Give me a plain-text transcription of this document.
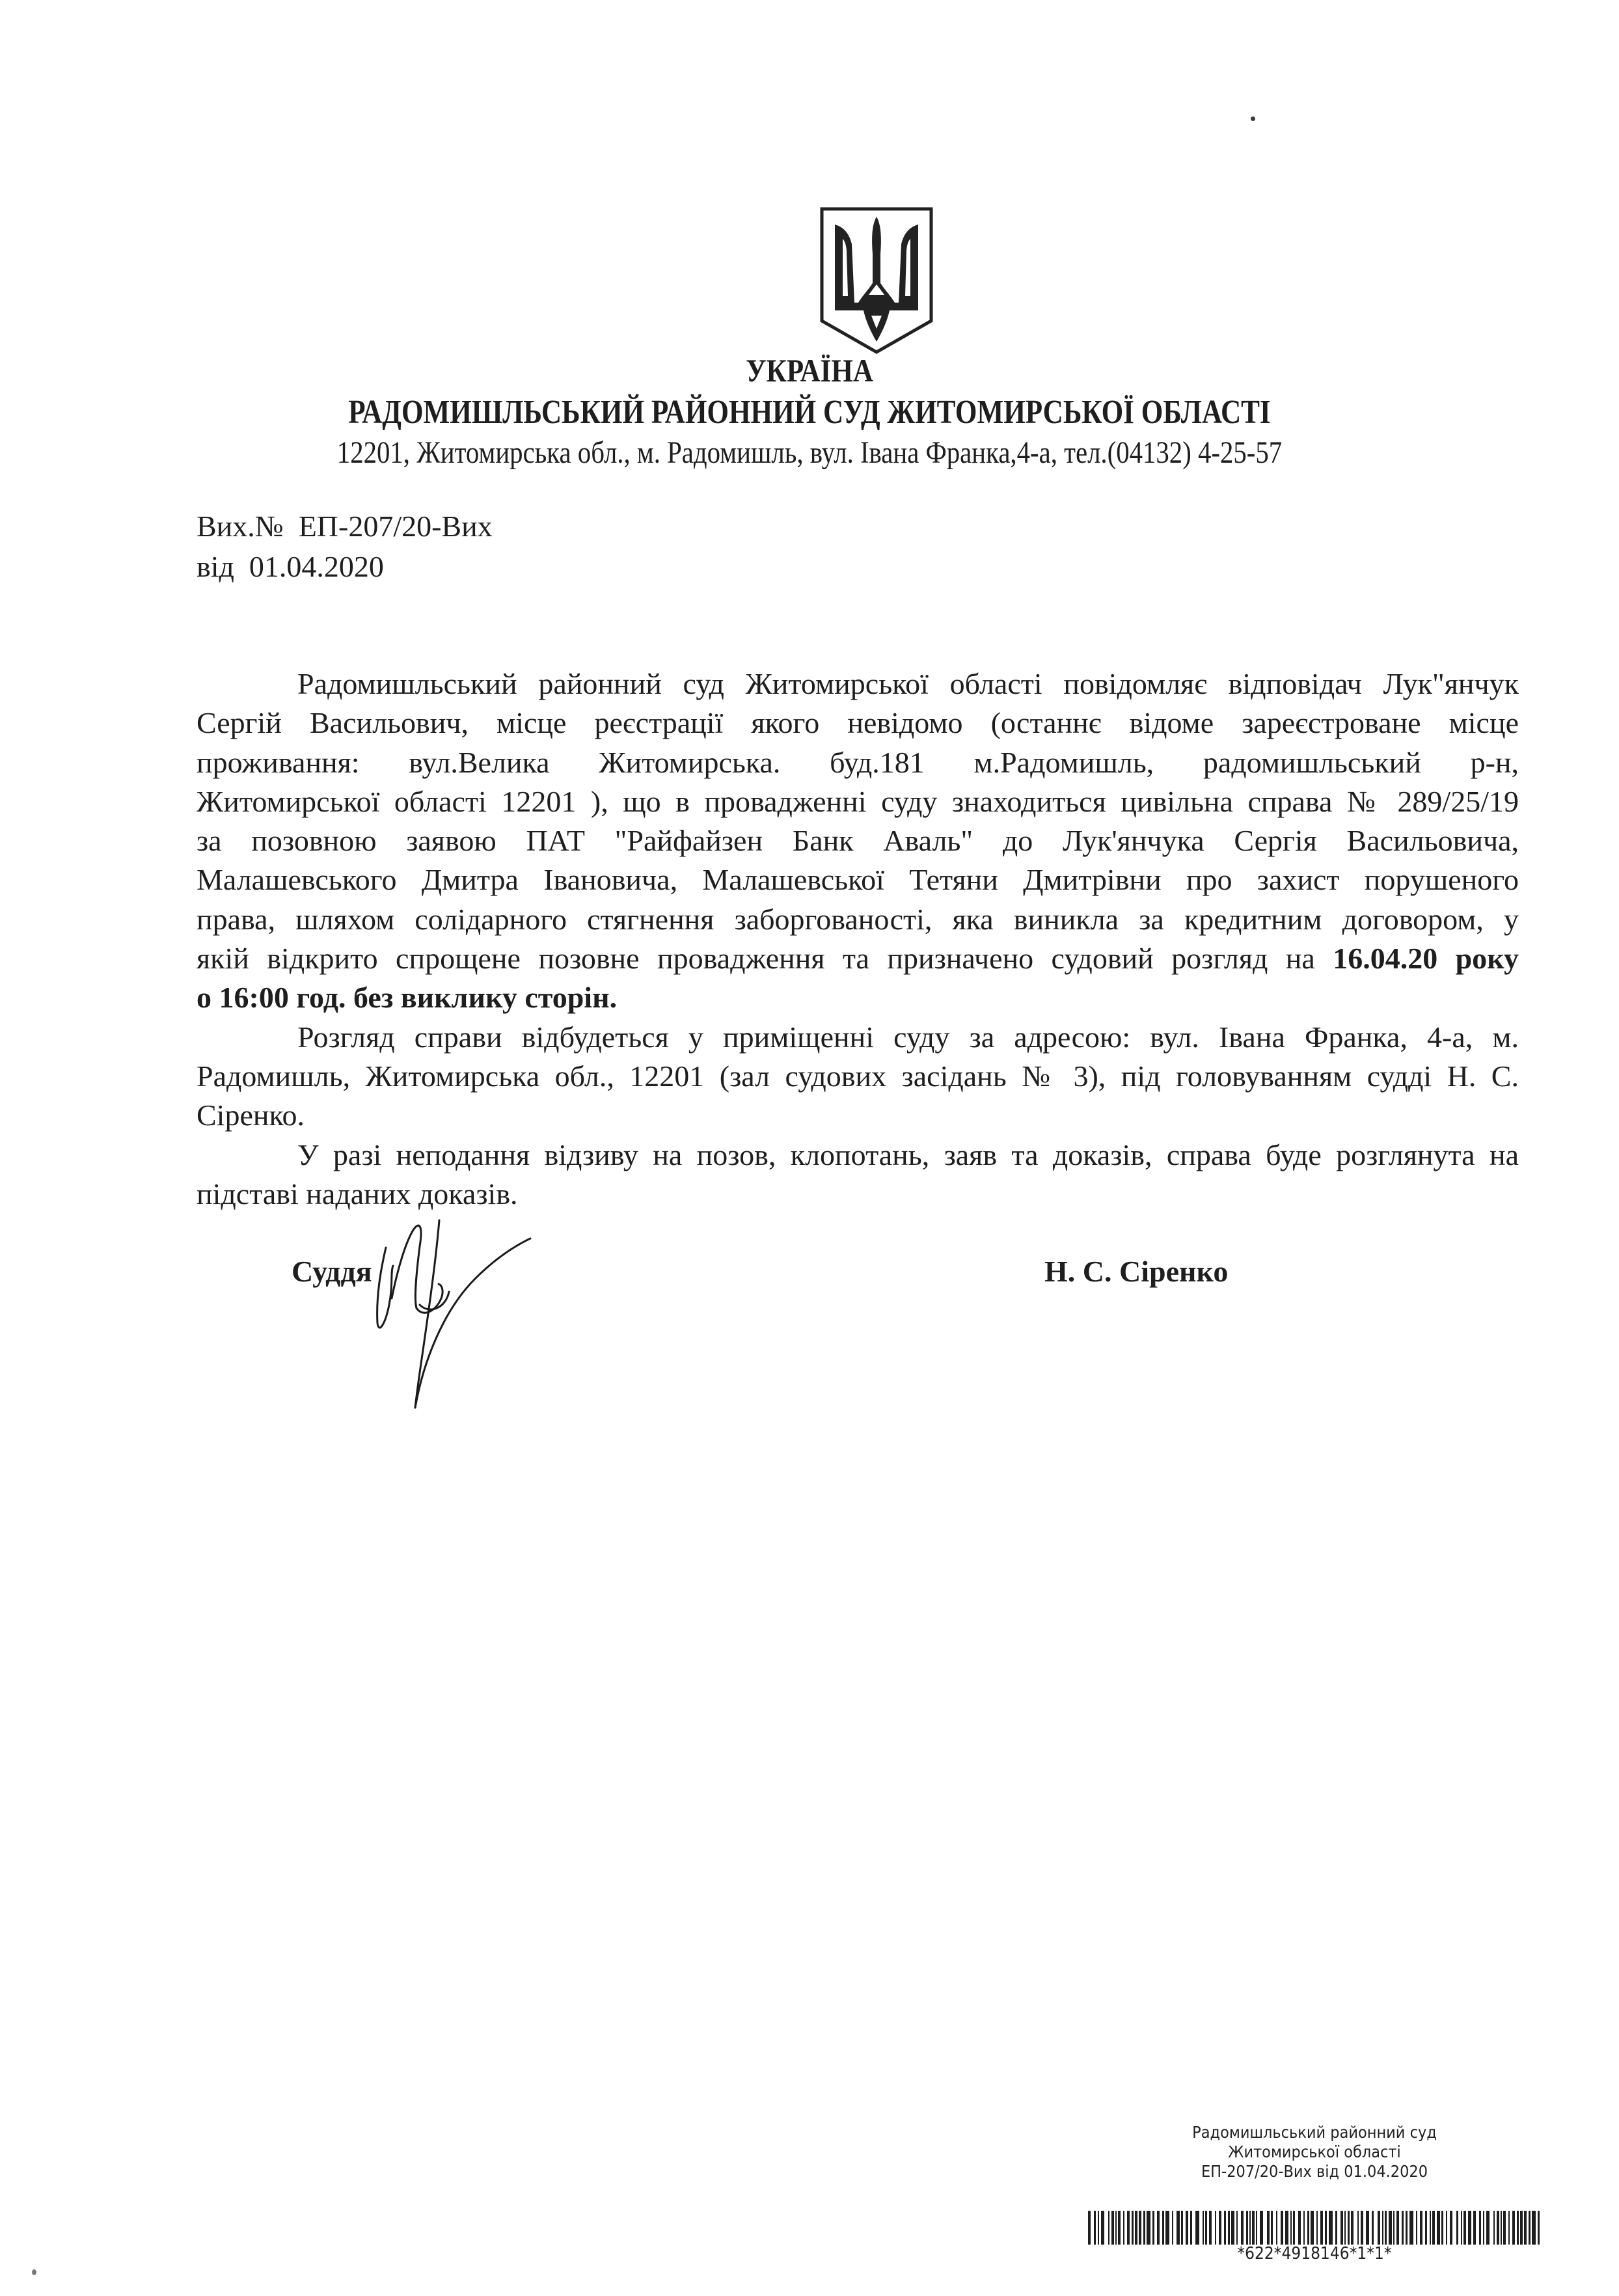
УКРАЇНА
РАДОМИШЛЬСЬКИЙ РАЙОННИЙ СУД ЖИТОМИРСЬКОЇ ОБЛАСТІ
12201, Житомирська обл., м. Радомишль, вул. Івана Франка,4-а, тел.(04132) 4-25-57
Вих.№  ЕП-207/20-Вих
від  01.04.2020
Радомишльський районний суд Житомирської області повідомляє відповідач Лук"янчук
Сергій Васильович, місце реєстрації якого невідомо (останнє відоме зареєстроване місце
проживання: вул.Велика Житомирська. буд.181 м.Радомишль, радомишльський р-н,
Житомирської області 12201 ), що в провадженні суду знаходиться цивільна справа № 289/25/19
за позовною заявою ПАТ "Райфайзен Банк Аваль" до Лук'янчука Сергія Васильовича,
Малашевського Дмитра Івановича, Малашевської Тетяни Дмитрівни про захист порушеного
права, шляхом солідарного стягнення заборгованості, яка виникла за кредитним договором, у
якій відкрито спрощене позовне провадження та призначено судовий розгляд на 16.04.20 року
о 16:00 год. без виклику сторін.
Розгляд справи відбудеться у приміщенні суду за адресою: вул. Івана Франка, 4-а, м.
Радомишль, Житомирська обл., 12201 (зал судових засідань № 3), під головуванням судді Н. С.
Сіренко.
У разі неподання відзиву на позов, клопотань, заяв та доказів, справа буде розглянута на
підставі наданих доказів.
Суддя	Н. С. Сіренко
Радомишльський районний суд
Житомирської області
ЕП-207/20-Вих від 01.04.2020
*622*4918146*1*1*
